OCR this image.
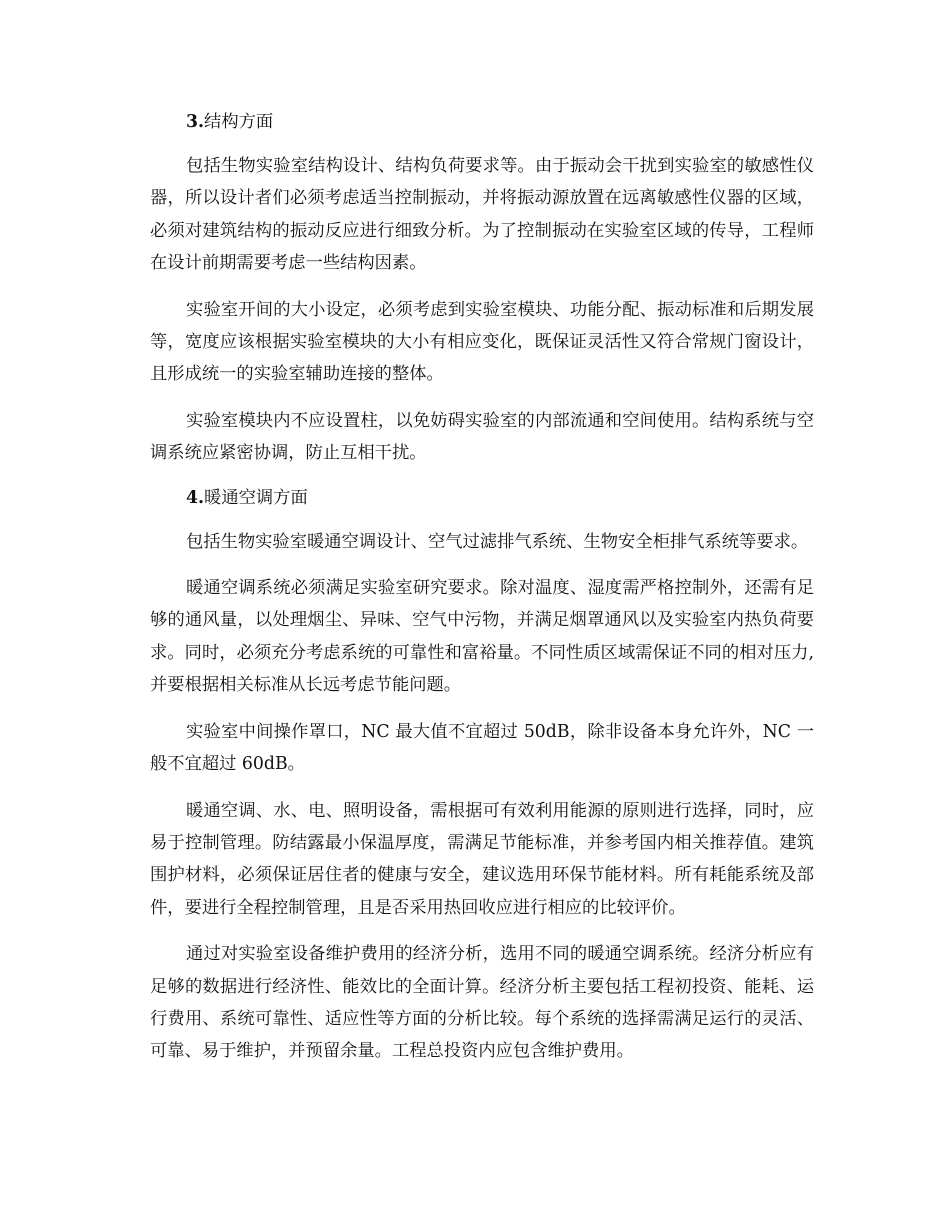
3.结构方面

包括生物实验室结构设计、结构负荷要求等。由于振动会干扰到实验室的敏感性仪器，所以设计者们必须考虑适当控制振动，并将振动源放置在远离敏感性仪器的区域，必须对建筑结构的振动反应进行细致分析。为了控制振动在实验室区域的传导，工程师在设计前期需要考虑一些结构因素。

实验室开间的大小设定，必须考虑到实验室模块、功能分配、振动标准和后期发展等，宽度应该根据实验室模块的大小有相应变化，既保证灵活性又符合常规门窗设计，且形成统一的实验室辅助连接的整体。

实验室模块内不应设置柱，以免妨碍实验室的内部流通和空间使用。结构系统与空调系统应紧密协调，防止互相干扰。

4.暖通空调方面

包括生物实验室暖通空调设计、空气过滤排气系统、生物安全柜排气系统等要求。

暖通空调系统必须满足实验室研究要求。除对温度、湿度需严格控制外，还需有足够的通风量，以处理烟尘、异味、空气中污物，并满足烟罩通风以及实验室内热负荷要求。同时，必须充分考虑系统的可靠性和富裕量。不同性质区域需保证不同的相对压力,并要根据相关标准从长远考虑节能问题。

实验室中间操作罩口，NC 最大值不宜超过 50dB，除非设备本身允许外，NC 一般不宜超过 60dB。

暖通空调、水、电、照明设备，需根据可有效利用能源的原则进行选择，同时，应易于控制管理。防结露最小保温厚度，需满足节能标准，并参考国内相关推荐值。建筑围护材料，必须保证居住者的健康与安全，建议选用环保节能材料。所有耗能系统及部件，要进行全程控制管理，且是否采用热回收应进行相应的比较评价。

通过对实验室设备维护费用的经济分析，选用不同的暖通空调系统。经济分析应有足够的数据进行经济性、能效比的全面计算。经济分析主要包括工程初投资、能耗、运行费用、系统可靠性、适应性等方面的分析比较。每个系统的选择需满足运行的灵活、可靠、易于维护，并预留余量。工程总投资内应包含维护费用。
